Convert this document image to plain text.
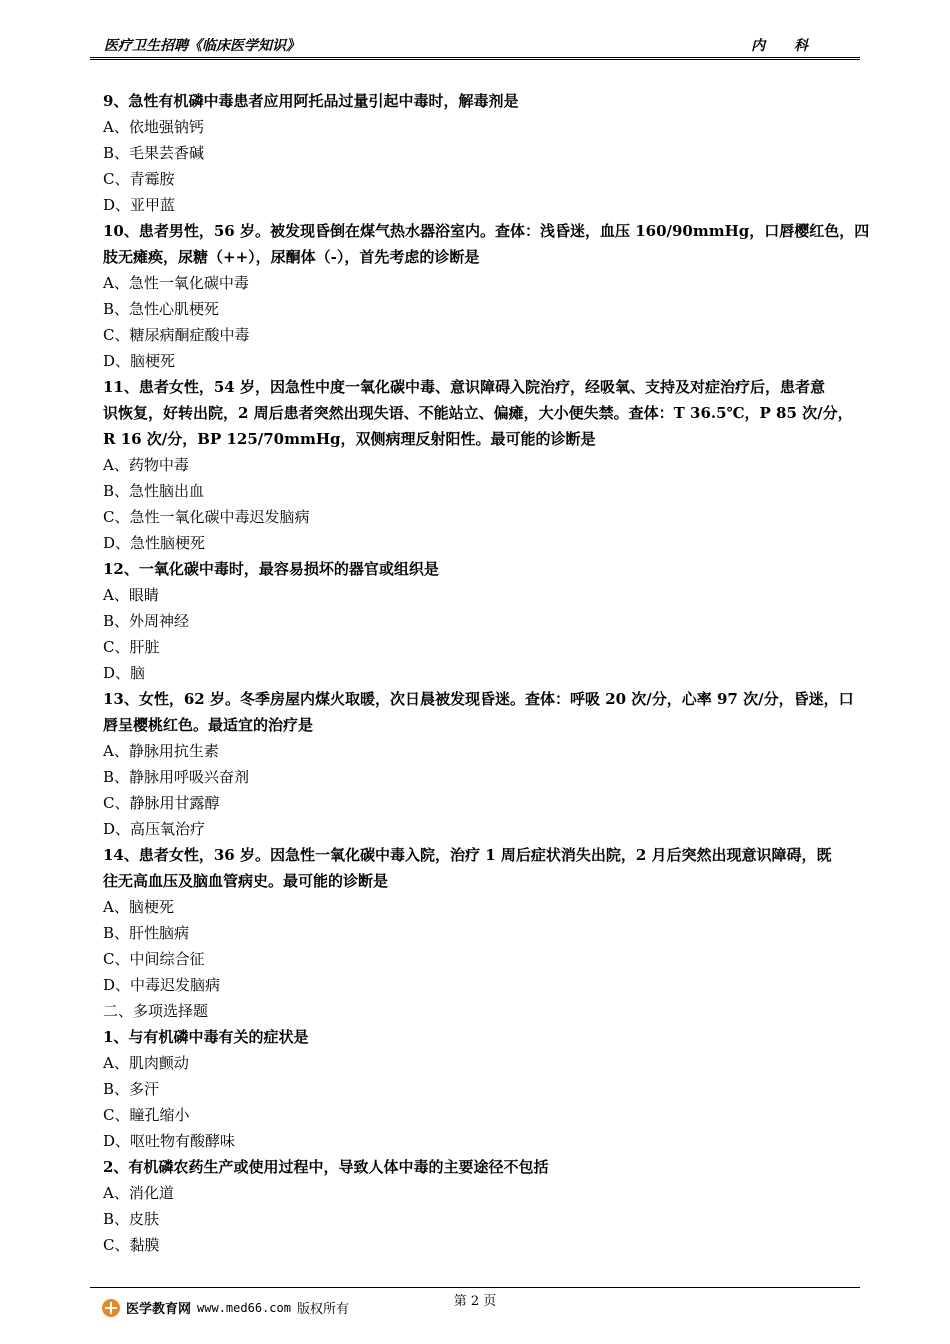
医疗卫生招聘《临床医学知识》	内 科
9、急性有机磷中毒患者应用阿托品过量引起中毒时，解毒剂是
A、依地强钠钙
B、毛果芸香碱
C、青霉胺
D、亚甲蓝
10、患者男性，56 岁。被发现昏倒在煤气热水器浴室内。查体：浅昏迷，血压 160/90mmHg，口唇樱红色，四
肢无瘫痪，尿糖（++），尿酮体（-），首先考虑的诊断是
A、急性一氧化碳中毒
B、急性心肌梗死
C、糖尿病酮症酸中毒
D、脑梗死
11、患者女性，54 岁，因急性中度一氧化碳中毒、意识障碍入院治疗，经吸氧、支持及对症治疗后，患者意
识恢复，好转出院，2 周后患者突然出现失语、不能站立、偏瘫，大小便失禁。查体：T 36.5℃，P 85 次/分，
R 16 次/分，BP 125/70mmHg，双侧病理反射阳性。最可能的诊断是
A、药物中毒
B、急性脑出血
C、急性一氧化碳中毒迟发脑病
D、急性脑梗死
12、一氧化碳中毒时，最容易损坏的器官或组织是
A、眼睛
B、外周神经
C、肝脏
D、脑
13、女性，62 岁。冬季房屋内煤火取暖，次日晨被发现昏迷。查体：呼吸 20 次/分，心率 97 次/分，昏迷，口
唇呈樱桃红色。最适宜的治疗是
A、静脉用抗生素
B、静脉用呼吸兴奋剂
C、静脉用甘露醇
D、高压氧治疗
14、患者女性，36 岁。因急性一氧化碳中毒入院，治疗 1 周后症状消失出院，2 月后突然出现意识障碍，既
往无高血压及脑血管病史。最可能的诊断是
A、脑梗死
B、肝性脑病
C、中间综合征
D、中毒迟发脑病
二、多项选择题
1、与有机磷中毒有关的症状是
A、肌肉颤动
B、多汗
C、瞳孔缩小
D、呕吐物有酸酵味
2、有机磷农药生产或使用过程中，导致人体中毒的主要途径不包括
A、消化道
B、皮肤
C、黏膜
第 2 页
医学教育网 www.med66.com 版权所有
